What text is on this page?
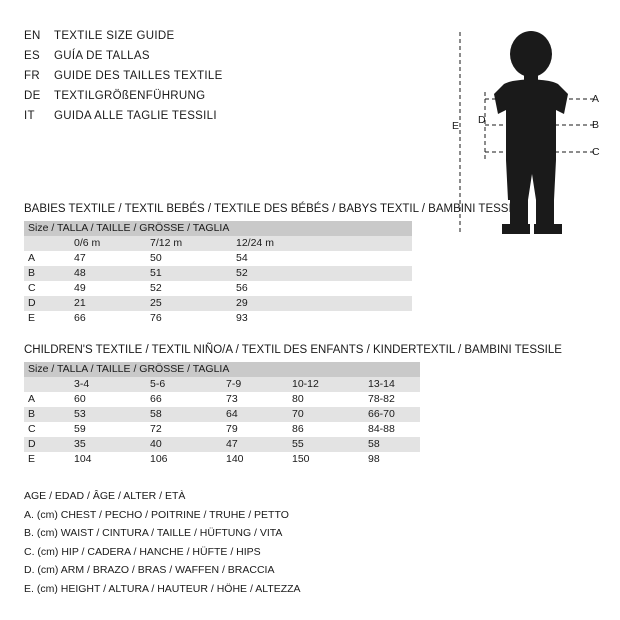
EN	TEXTILE SIZE GUIDE
ES	GUÍA DE TALLAS
FR	GUIDE DES TAILLES TEXTILE
DE	TEXTILGRÖßENFÜHRUNG
IT	GUIDA ALLE TAGLIE TESSILI
A
B
C
D
E
BABIES TEXTILE / TEXTIL BEBÉS / TEXTILE DES BÉBÉS / BABYS TEXTIL / BAMBINI TESSILE
Size / TALLA / TAILLE / GRÖSSE / TAGLIA			
	0/6 m	7/12 m	12/24 m
A	47	50	54
B	48	51	52
C	49	52	56
D	21	25	29
E	66	76	93
CHILDREN'S TEXTILE / TEXTIL NIÑO/A / TEXTIL DES ENFANTS / KINDERTEXTIL / BAMBINI TESSILE
Size / TALLA / TAILLE / GRÖSSE / TAGLIA					
	3-4	5-6	7-9	10-12	13-14
A	60	66	73	80	78-82
B	53	58	64	70	66-70
C	59	72	79	86	84-88
D	35	40	47	55	58
E	104	106	140	150	98
AGE / EDAD / ÂGE / ALTER / ETÀ
A. (cm) CHEST / PECHO / POITRINE / TRUHE / PETTO
B. (cm) WAIST / CINTURA / TAILLE / HÜFTUNG / VITA
C. (cm) HIP / CADERA / HANCHE / HÜFTE / HIPS
D. (cm) ARM / BRAZO / BRAS / WAFFEN / BRACCIA
E. (cm) HEIGHT / ALTURA / HAUTEUR / HÖHE / ALTEZZA
